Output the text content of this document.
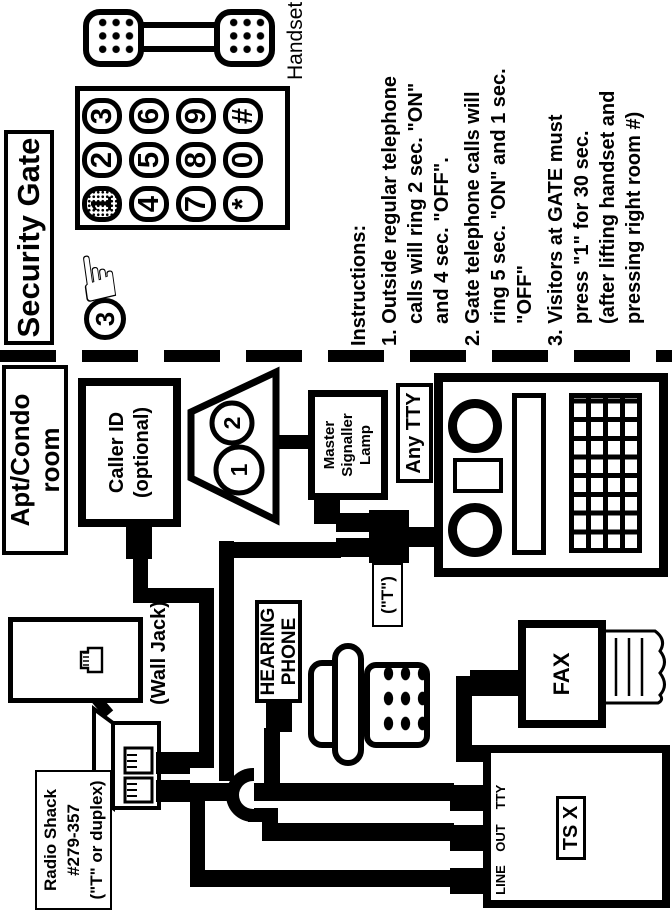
1
2
Radio Shack #279-357 ("T" or duplex)
(Wall Jack)
Apt/Condo room Caller ID (optional)	Master Signaller Lamp
("T")
Any TTY
HEARING PHONE	FAX
TS X
LINE
OUT
TTY
Security Gate 1
2
3
4
5
6
7
8
9
*
0
#
☞
3
Handset
Instructions: 1. Outside regular telephone calls will ring 2 sec. "ON" and 4 sec. "OFF". 2. Gate telephone calls will ring 5 sec. "ON" and 1 sec. "OFF" 3. Visitors at GATE must press "1" for 30 sec. (after lifting handset and pressing right room #)
